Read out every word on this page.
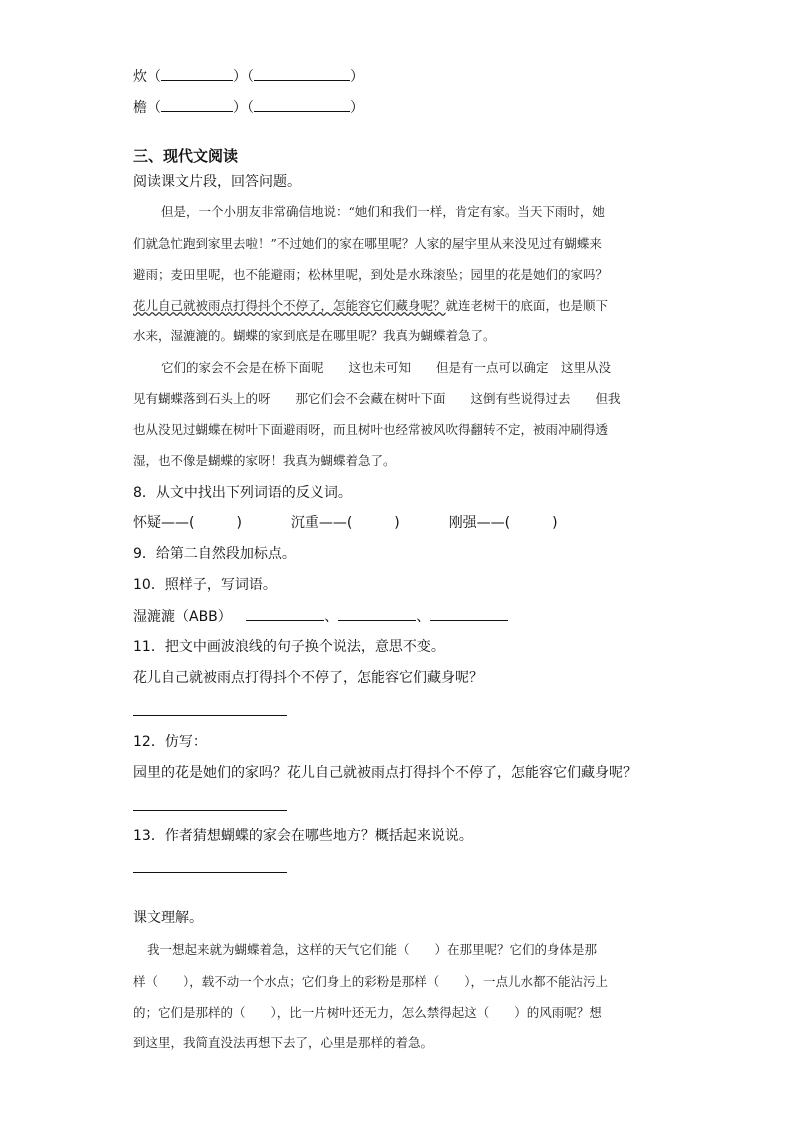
炊（	）（	）
檐（	）（	）
三、现代文阅读
阅读课文片段，回答问题。
但是，一个小朋友非常确信地说：“她们和我们一样，肯定有家。当天下雨时，她
们就急忙跑到家里去啦！”不过她们的家在哪里呢？人家的屋宇里从来没见过有蝴蝶来
避雨；麦田里呢，也不能避雨；松林里呢，到处是水珠滚坠；园里的花是她们的家吗？
花儿自己就被雨点打得抖个不停了，怎能容它们藏身呢？就连老树干的底面，也是顺下
水来，湿漉漉的。蝴蝶的家到底是在哪里呢？我真为蝴蝶着急了。
它们的家会不会是在桥下面呢　　这也未可知　　但是有一点可以确定　这里从没
见有蝴蝶落到石头上的呀　　那它们会不会藏在树叶下面　　这倒有些说得过去　　但我
也从没见过蝴蝶在树叶下面避雨呀，而且树叶也经常被风吹得翻转不定，被雨冲刷得透
湿，也不像是蝴蝶的家呀！我真为蝴蝶着急了。
8．从文中找出下列词语的反义词。
怀疑——(　　　)	沉重——(　　　)	刚强——(　　　)
9．给第二自然段加标点。
10．照样子，写词语。
湿漉漉（ABB）	、	、
11．把文中画波浪线的句子换个说法，意思不变。
花儿自己就被雨点打得抖个不停了，怎能容它们藏身呢？
12．仿写：
园里的花是她们的家吗？花儿自己就被雨点打得抖个不停了，怎能容它们藏身呢？
13．作者猜想蝴蝶的家会在哪些地方？概括起来说说。
课文理解。
我一想起来就为蝴蝶着急，这样的天气它们能（　　）在那里呢？它们的身体是那
样（　　），载不动一个水点；它们身上的彩粉是那样（　　），一点儿水都不能沾污上
的；它们是那样的（　　），比一片树叶还无力，怎么禁得起这（　　）的风雨呢？想
到这里，我简直没法再想下去了，心里是那样的着急。
